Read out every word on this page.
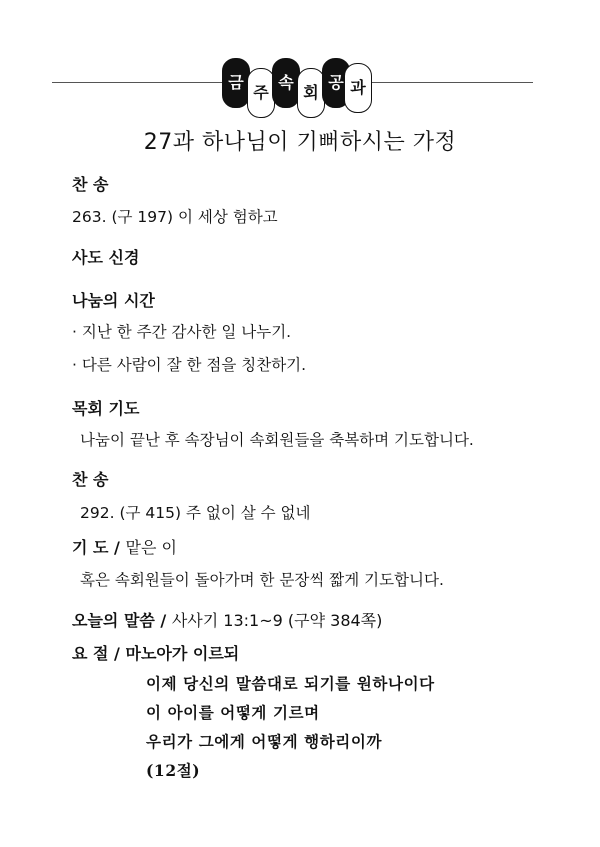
금
주
속
회
공 과
27과 하나님이 기뻐하시는 가정
찬 송
263. (구 197) 이 세상 험하고
사도 신경
나눔의 시간
· 지난 한 주간 감사한 일 나누기.
· 다른 사람이 잘 한 점을 칭찬하기.
목회 기도
나눔이 끝난 후 속장님이 속회원들을 축복하며 기도합니다.
찬 송
292. (구 415) 주 없이 살 수 없네
기 도 / 맡은 이
혹은 속회원들이 돌아가며 한 문장씩 짧게 기도합니다.
오늘의 말씀 / 사사기 13:1~9 (구약 384쪽)
요 절 / 마노아가 이르되
이제 당신의 말씀대로 되기를 원하나이다
이 아이를 어떻게 기르며
우리가 그에게 어떻게 행하리이까
(12절)
